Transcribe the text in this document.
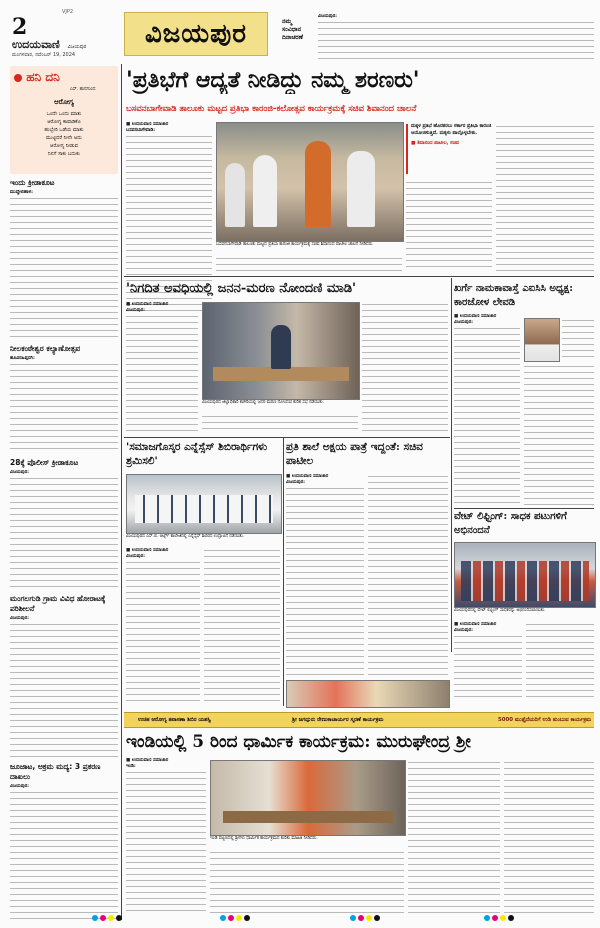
2
VJP2
ಉದಯವಾಣಿ ವಿಜಯಪುರ
ಮಂಗಳವಾರ, ನವೆಂಬರ್ 19, 2024
ವಿಜಯಪುರ	ನಮ್ಮ
ಸಂವಿಧಾನ
ದಿನಾಚರಣೆ
ವಿಜಯಪುರ:
ಹನಿ ದನಿ
ಎಸ್. ಹುನಗುಂದ
ಆರೋಗ್ಯ
ಒಂದೇ ಒಂದು ಮಾತು
ಆರೋಗ್ಯ ಕಾಪಾಡಿಕೊ
ಹುಬ್ಬೇರಿ ಒಡೆಯ ಮಾತು
ಮುಟ್ಟಿದರೆ ನೀನೇ ಅದು
ಆರೋಗ್ಯ ನೀಡುವ
ನಿನಗೆ ಸಾಕು ಬದುಕು
ಇಂದು ಕ್ರೀಡಾಕೂಟ
ಮುದ್ದೇಬಿಹಾಳ:
ನೀಲಕಂಠೇಶ್ವರ ಕಲ್ಯಾಣೋತ್ಸವ
ಹೂವಿನಹಿಪ್ಪರಗಿ:
28ಕ್ಕೆ ಪೊಲೀಸ್ ಕ್ರೀಡಾಕೂಟ
ವಿಜಯಪುರ:
ಮಂಗಲಗುಡಿ ಗ್ರಾಮ ವಿವಿಧ ಹೋರಾಟಕ್ಕೆ ಪರಿಶೀಲನೆ
ವಿಜಯಪುರ:
ಜೂಜಾಟ, ಅಕ್ರಮ ಮದ್ಯ: 3 ಪ್ರಕರಣ ದಾಖಲು
ವಿಜಯಪುರ:
'ಪ್ರತಿಭೆಗೆ ಆದ್ಯತೆ ನೀಡಿದ್ದು ನಮ್ಮ ಶರಣರು'
ಬಸವನಬಾಗೇವಾಡಿ ತಾಲೂಕು ಮಟ್ಟದ ಪ್ರತಿಭಾ ಕಾರಂಜಿ-ಕಲೋತ್ಸವ ಕಾರ್ಯಕ್ರಮಕ್ಕೆ ಸಚಿವ ಶಿವಾನಂದ ಚಾಲನೆ
■ ಉದಯವಾಣಿ ಸಮಾಚಾರ
ಬಸವನಬಾಗೇವಾಡಿ:
ಬಸವನಬಾಗೇವಾಡಿ ತಾಲೂಕು ಮಟ್ಟದ ಪ್ರತಿಭಾ ಕಾರಂಜಿ ಕಾರ್ಯಕ್ರಮಕ್ಕೆ ಸಚಿವ ಶಿವಾನಂದ ಪಾಟೀಲ ಚಾಲನೆ ನೀಡಿದರು.
ಮಕ್ಕಳ ಪ್ರತಿಭೆ ಹೊರತರಲು ಸರ್ಕಾರ ಪ್ರತಿಭಾ ಕಾರಂಜಿ ಆಯೋಜಿಸುತ್ತಿದೆ. ಮಕ್ಕಳು ಪಾಲ್ಗೊಳ್ಳಬೇಕು.
■ ಶಿವಾನಂದ ಪಾಟೀಲ, ಸಚಿವ
'ನಿಗದಿತ ಅವಧಿಯಲ್ಲಿ ಜನನ-ಮರಣ ನೋಂದಣಿ ಮಾಡಿ'
■ ಉದಯವಾಣಿ ಸಮಾಚಾರ
ವಿಜಯಪುರ:
ವಿಜಯಪುರದ ಜಿಲ್ಲಾಧಿಕಾರಿ ಕಚೇರಿಯಲ್ಲಿ ಜನನ-ಮರಣ ನೋಂದಣಿ ಕುರಿತ ಸಭೆ ನಡೆಯಿತು.
ಖರ್ಗೆ ನಾಮಕಾವಾಸ್ತೆ ಎಐಸಿಸಿ ಅಧ್ಯಕ್ಷ: ಕಾರಜೋಳ ಲೇವಡಿ
■ ಉದಯವಾಣಿ ಸಮಾಚಾರ
ವಿಜಯಪುರ:
'ಸಮಾಜಗೊಸ್ಕರ ಎನ್ನೆಸ್ಸೆಸ್ ಶಿಬಿರಾರ್ಥಿಗಳು ಶ್ರಮಿಸಲಿ'
ವಿಜಯಪುರದ ಎಸ್.ಬಿ. ಆರ್ಟ್ಸ್ ಕಾಲೇಜಿನಲ್ಲಿ ಎನ್ನೆಸ್ಸೆಸ್ ಶಿಬಿರದ ಉದ್ಘಾಟನೆ ನಡೆಯಿತು.
■ ಉದಯವಾಣಿ ಸಮಾಚಾರ
ವಿಜಯಪುರ:
ಪ್ರತಿ ಶಾಲೆ ಅಕ್ಷಯ ಪಾತ್ರೆ ಇದ್ದಂತೆ: ಸಚಿವ ಪಾಟೀಲ
■ ಉದಯವಾಣಿ ಸಮಾಚಾರ
ವಿಜಯಪುರ:
ವೇಟ್ ಲಿಫ್ಟಿಂಗ್: ಸಾಧಕ ಪಟುಗಳಿಗೆ ಅಭಿನಂದನೆ
ವಿಜಯಪುರದಲ್ಲಿ ವೇಟ್ ಲಿಫ್ಟಿಂಗ್ ಸಾಧಕರನ್ನು ಅಭಿನಂದಿಸಲಾಯಿತು.
■ ಉದಯವಾಣಿ ಸಮಾಚಾರ
ವಿಜಯಪುರ:
ಉಚಿತ ಆರೋಗ್ಯ ತಪಾಸಣಾ ಶಿಬಿರ ಯಶಸ್ವಿ	ಶ್ರೀ ಜಗದ್ಗುರು ರೇಣುಕಾಚಾರ್ಯರ ಸ್ಮರಣೆ ಕಾರ್ಯಕ್ರಮ	5000 ಮುತ್ತೈದೆಯರಿಗೆ ಉಡಿ ತುಂಬುವ ಕಾರ್ಯಕ್ರಮ
ಇಂಡಿಯಲ್ಲಿ 5 ರಿಂದ ಧಾರ್ಮಿಕ ಕಾರ್ಯಕ್ರಮ: ಮುರುಘೇಂದ್ರ ಶ್ರೀ
■ ಉದಯವಾಣಿ ಸಮಾಚಾರ
ಇಂಡಿ:
ಇಂಡಿ ಪಟ್ಟಣದಲ್ಲಿ ಶ್ರೀಗಳು ಧಾರ್ಮಿಕ ಕಾರ್ಯಕ್ರಮದ ಕುರಿತು ಮಾಹಿತಿ ನೀಡಿದರು.
